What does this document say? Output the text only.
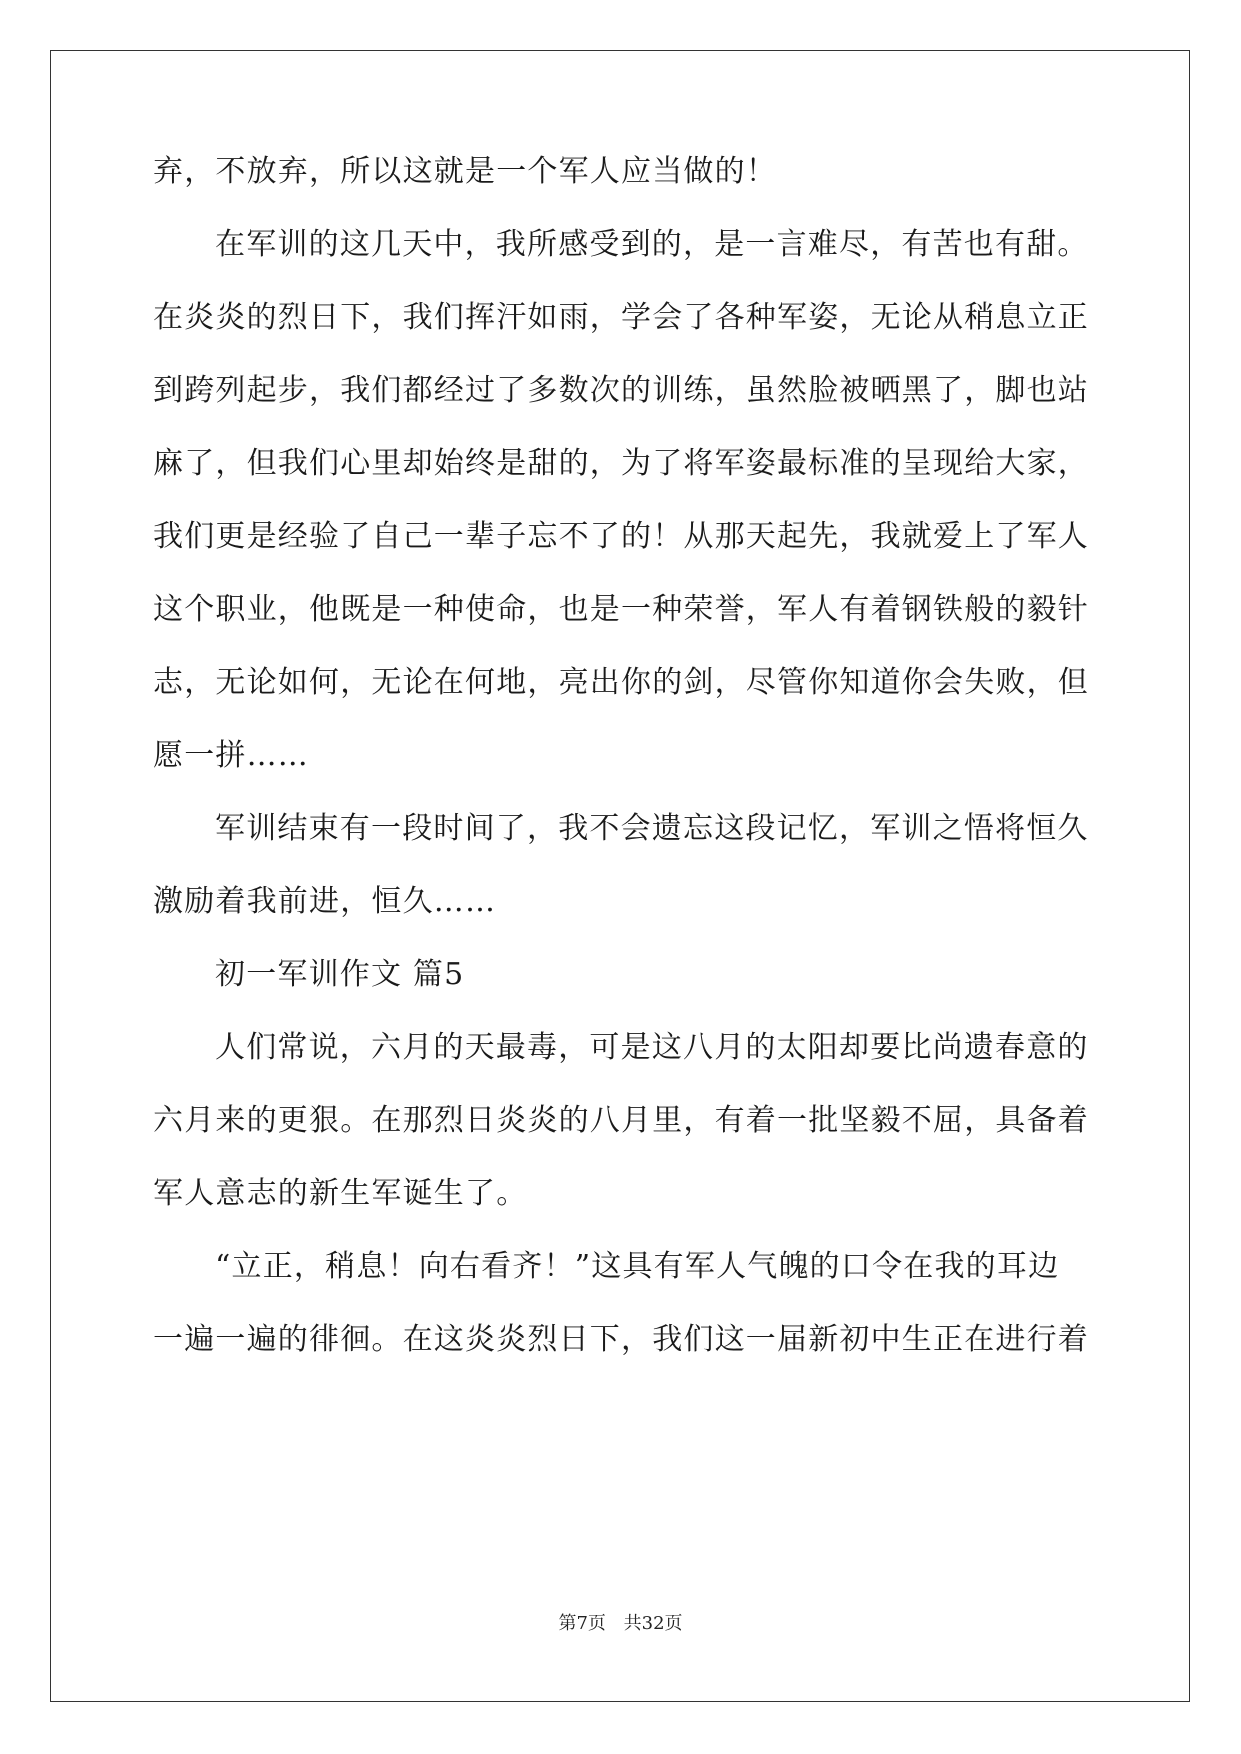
弃，不放弃，所以这就是一个军人应当做的！
在军训的这几天中，我所感受到的，是一言难尽，有苦也有甜。
在炎炎的烈日下，我们挥汗如雨，学会了各种军姿，无论从稍息立正
到跨列起步，我们都经过了多数次的训练，虽然脸被晒黑了，脚也站
麻了，但我们心里却始终是甜的，为了将军姿最标准的呈现给大家，
我们更是经验了自己一辈子忘不了的！从那天起先，我就爱上了军人
这个职业，他既是一种使命，也是一种荣誉，军人有着钢铁般的毅针
志，无论如何，无论在何地，亮出你的剑，尽管你知道你会失败，但
愿一拼……
军训结束有一段时间了，我不会遗忘这段记忆，军训之悟将恒久
激励着我前进，恒久……
初一军训作文 篇5
人们常说，六月的天最毒，可是这八月的太阳却要比尚遗春意的
六月来的更狠。在那烈日炎炎的八月里，有着一批坚毅不屈，具备着
军人意志的新生军诞生了。
“立正，稍息！向右看齐！”这具有军人气魄的口令在我的耳边
一遍一遍的徘徊。在这炎炎烈日下，我们这一届新初中生正在进行着
第7页 共32页
